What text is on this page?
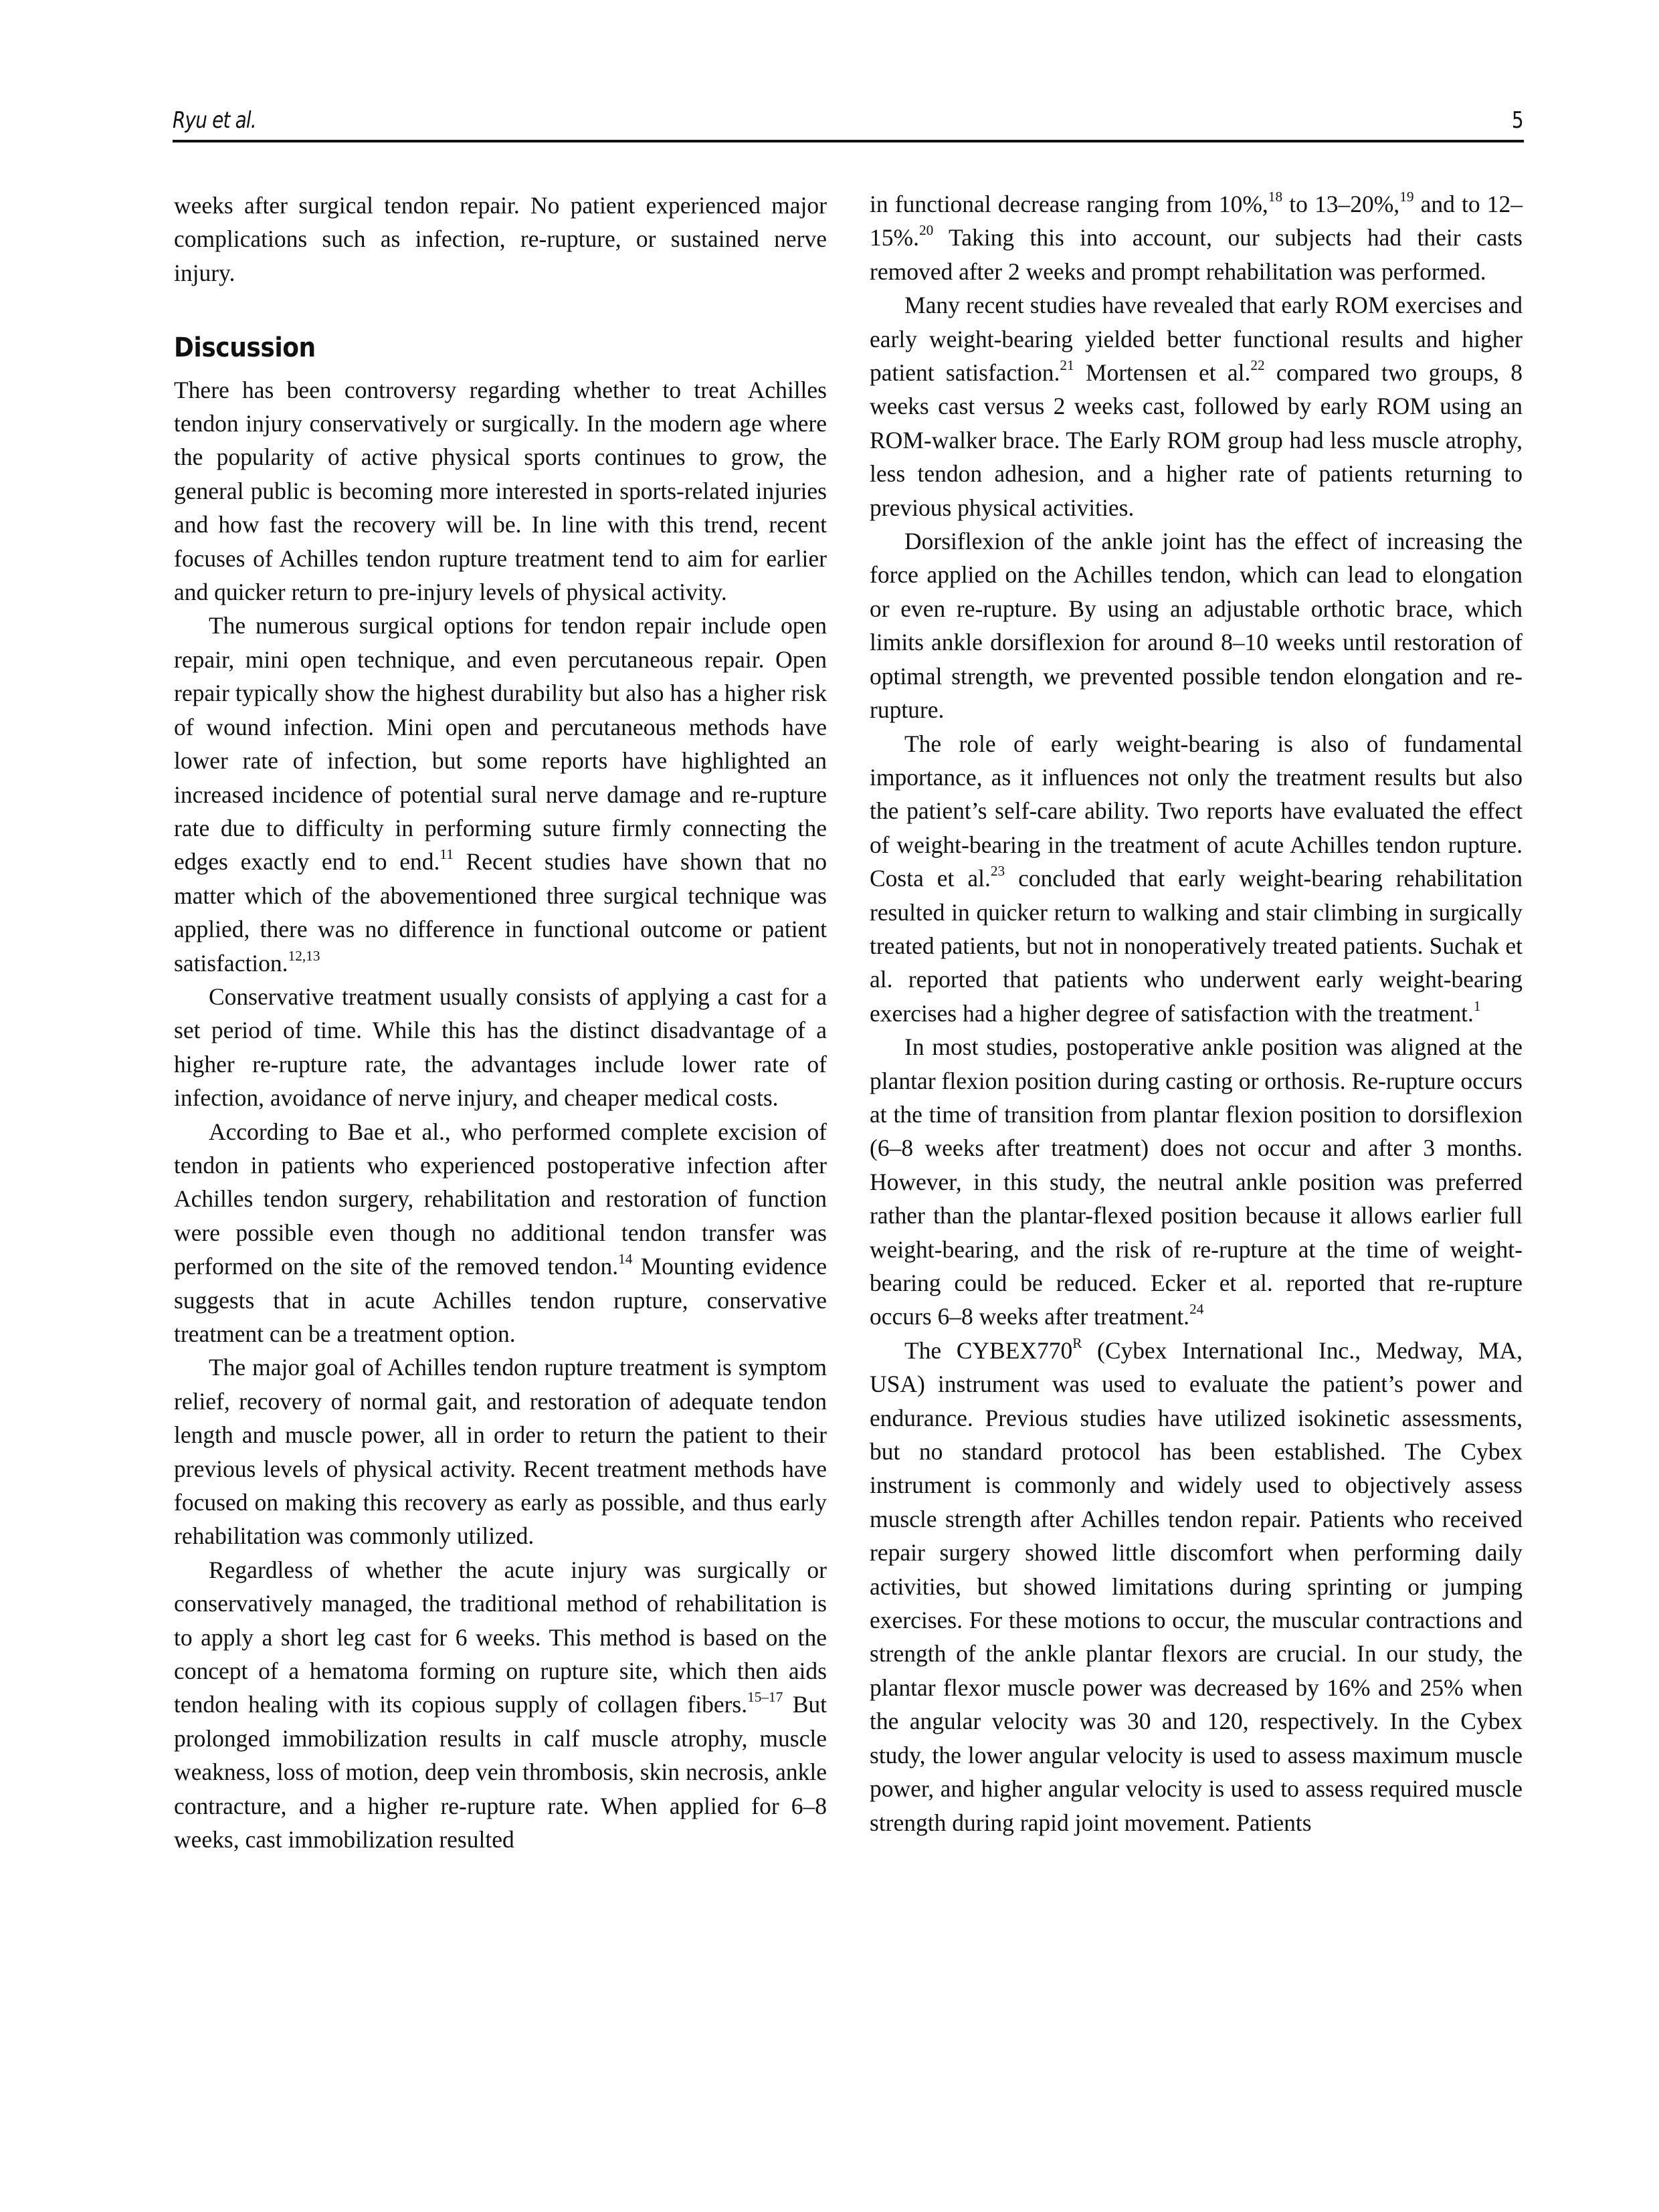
Ryu et al.	5

weeks after surgical tendon repair. No patient experienced major complications such as infection, re-rupture, or sustained nerve injury.

Discussion

There has been controversy regarding whether to treat Achilles tendon injury conservatively or surgically. In the modern age where the popularity of active physical sports continues to grow, the general public is becoming more interested in sports-related injuries and how fast the recovery will be. In line with this trend, recent focuses of Achilles tendon rupture treatment tend to aim for earlier and quicker return to pre-injury levels of physical activity.

The numerous surgical options for tendon repair include open repair, mini open technique, and even percutaneous repair. Open repair typically show the highest durability but also has a higher risk of wound infection. Mini open and percutaneous methods have lower rate of infection, but some reports have highlighted an increased incidence of potential sural nerve damage and re-rupture rate due to difficulty in performing suture firmly connecting the edges exactly end to end.$^{11}$ Recent studies have shown that no matter which of the abovementioned three surgical technique was applied, there was no difference in functional outcome or patient satisfaction.$^{12,13}$

Conservative treatment usually consists of applying a cast for a set period of time. While this has the distinct disadvantage of a higher re-rupture rate, the advantages include lower rate of infection, avoidance of nerve injury, and cheaper medical costs.

According to Bae et al., who performed complete excision of tendon in patients who experienced postoperative infection after Achilles tendon surgery, rehabilitation and restoration of function were possible even though no additional tendon transfer was performed on the site of the removed tendon.$^{14}$ Mounting evidence suggests that in acute Achilles tendon rupture, conservative treatment can be a treatment option.

The major goal of Achilles tendon rupture treatment is symptom relief, recovery of normal gait, and restoration of adequate tendon length and muscle power, all in order to return the patient to their previous levels of physical activity. Recent treatment methods have focused on making this recovery as early as possible, and thus early rehabilitation was commonly utilized.

Regardless of whether the acute injury was surgically or conservatively managed, the traditional method of rehabilitation is to apply a short leg cast for 6 weeks. This method is based on the concept of a hematoma forming on rupture site, which then aids tendon healing with its copious supply of collagen fibers.$^{15-17}$ But prolonged immobilization results in calf muscle atrophy, muscle weakness, loss of motion, deep vein thrombosis, skin necrosis, ankle contracture, and a higher re-rupture rate. When applied for 6–8 weeks, cast immobilization resulted

in functional decrease ranging from 10%,$^{18}$ to 13–20%,$^{19}$ and to 12–15%.$^{20}$ Taking this into account, our subjects had their casts removed after 2 weeks and prompt rehabilitation was performed.

Many recent studies have revealed that early ROM exercises and early weight-bearing yielded better functional results and higher patient satisfaction.$^{21}$ Mortensen et al.$^{22}$ compared two groups, 8 weeks cast versus 2 weeks cast, followed by early ROM using an ROM-walker brace. The Early ROM group had less muscle atrophy, less tendon adhesion, and a higher rate of patients returning to previous physical activities.

Dorsiflexion of the ankle joint has the effect of increasing the force applied on the Achilles tendon, which can lead to elongation or even re-rupture. By using an adjustable orthotic brace, which limits ankle dorsiflexion for around 8–10 weeks until restoration of optimal strength, we prevented possible tendon elongation and re-rupture.

The role of early weight-bearing is also of fundamental importance, as it influences not only the treatment results but also the patient’s self-care ability. Two reports have evaluated the effect of weight-bearing in the treatment of acute Achilles tendon rupture. Costa et al.$^{23}$ concluded that early weight-bearing rehabilitation resulted in quicker return to walking and stair climbing in surgically treated patients, but not in nonoperatively treated patients. Suchak et al. reported that patients who underwent early weight-bearing exercises had a higher degree of satisfaction with the treatment.$^1$

In most studies, postoperative ankle position was aligned at the plantar flexion position during casting or orthosis. Re-rupture occurs at the time of transition from plantar flexion position to dorsiflexion (6–8 weeks after treatment) does not occur and after 3 months. However, in this study, the neutral ankle position was preferred rather than the plantar-flexed position because it allows earlier full weight-bearing, and the risk of re-rupture at the time of weight-bearing could be reduced. Ecker et al. reported that re-rupture occurs 6–8 weeks after treatment.$^{24}$

The $CYBEX770^R$ (Cybex International Inc., Medway, MA, USA) instrument was used to evaluate the patient’s power and endurance. Previous studies have utilized isokinetic assessments, but no standard protocol has been established. The Cybex instrument is commonly and widely used to objectively assess muscle strength after Achilles tendon repair. Patients who received repair surgery showed little discomfort when performing daily activities, but showed limitations during sprinting or jumping exercises. For these motions to occur, the muscular contractions and strength of the ankle plantar flexors are crucial. In our study, the plantar flexor muscle power was decreased by 16% and 25% when the angular velocity was 30 and 120, respectively. In the Cybex study, the lower angular velocity is used to assess maximum muscle power, and higher angular velocity is used to assess required muscle strength during rapid joint movement. Patients
